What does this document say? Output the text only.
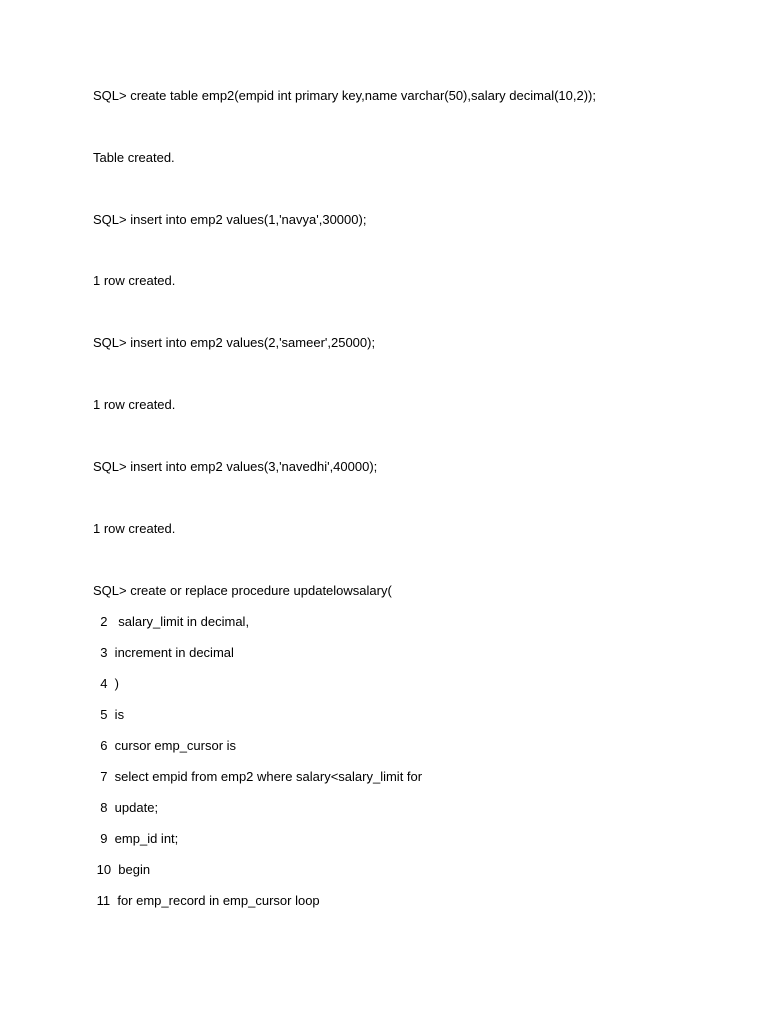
SQL> create table emp2(empid int primary key,name varchar(50),salary decimal(10,2));
Table created.
SQL> insert into emp2 values(1,'navya',30000);
1 row created.
SQL> insert into emp2 values(2,'sameer',25000);
1 row created.
SQL> insert into emp2 values(3,'navedhi',40000);
1 row created.
SQL> create or replace procedure updatelowsalary(
2   salary_limit in decimal,
3  increment in decimal
4  )
5  is
6  cursor emp_cursor is
7  select empid from emp2 where salary<salary_limit for
8  update;
9  emp_id int;
10  begin
11  for emp_record in emp_cursor loop
